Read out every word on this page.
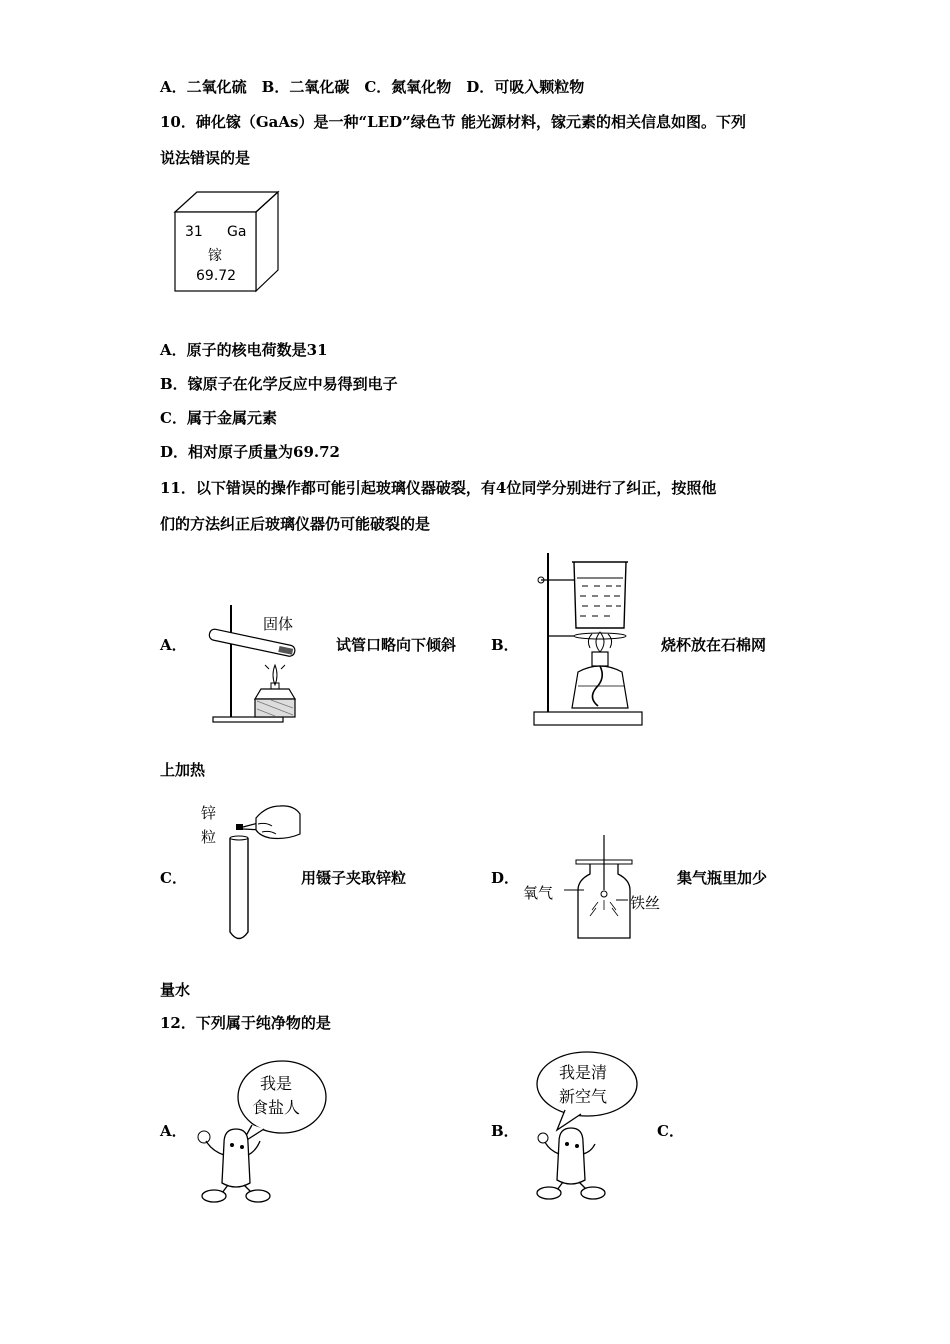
A．二氧化硫　B．二氧化碳　C．氮氧化物　D．可吸入颗粒物
10．砷化镓（GaAs）是一种“LED”绿色节 能光源材料，镓元素的相关信息如图。下列
说法错误的是
31 Ga
镓
69.72
A．原子的核电荷数是31
B．镓原子在化学反应中易得到电子
C．属于金属元素
D．相对原子质量为69.72
11．以下错误的操作都可能引起玻璃仪器破裂，有4位同学分别进行了纠正，按照他
们的方法纠正后玻璃仪器仍可能破裂的是
A．
固体
试管口略向下倾斜 B．	烧杯放在石棉网
上加热
C．
锌
粒
用镊子夹取锌粒	D．
氧气
铁丝
集气瓶里加少
量水
12．下列属于纯净物的是
A．
我是
食盐人
B．
我是清
新空气
C．
